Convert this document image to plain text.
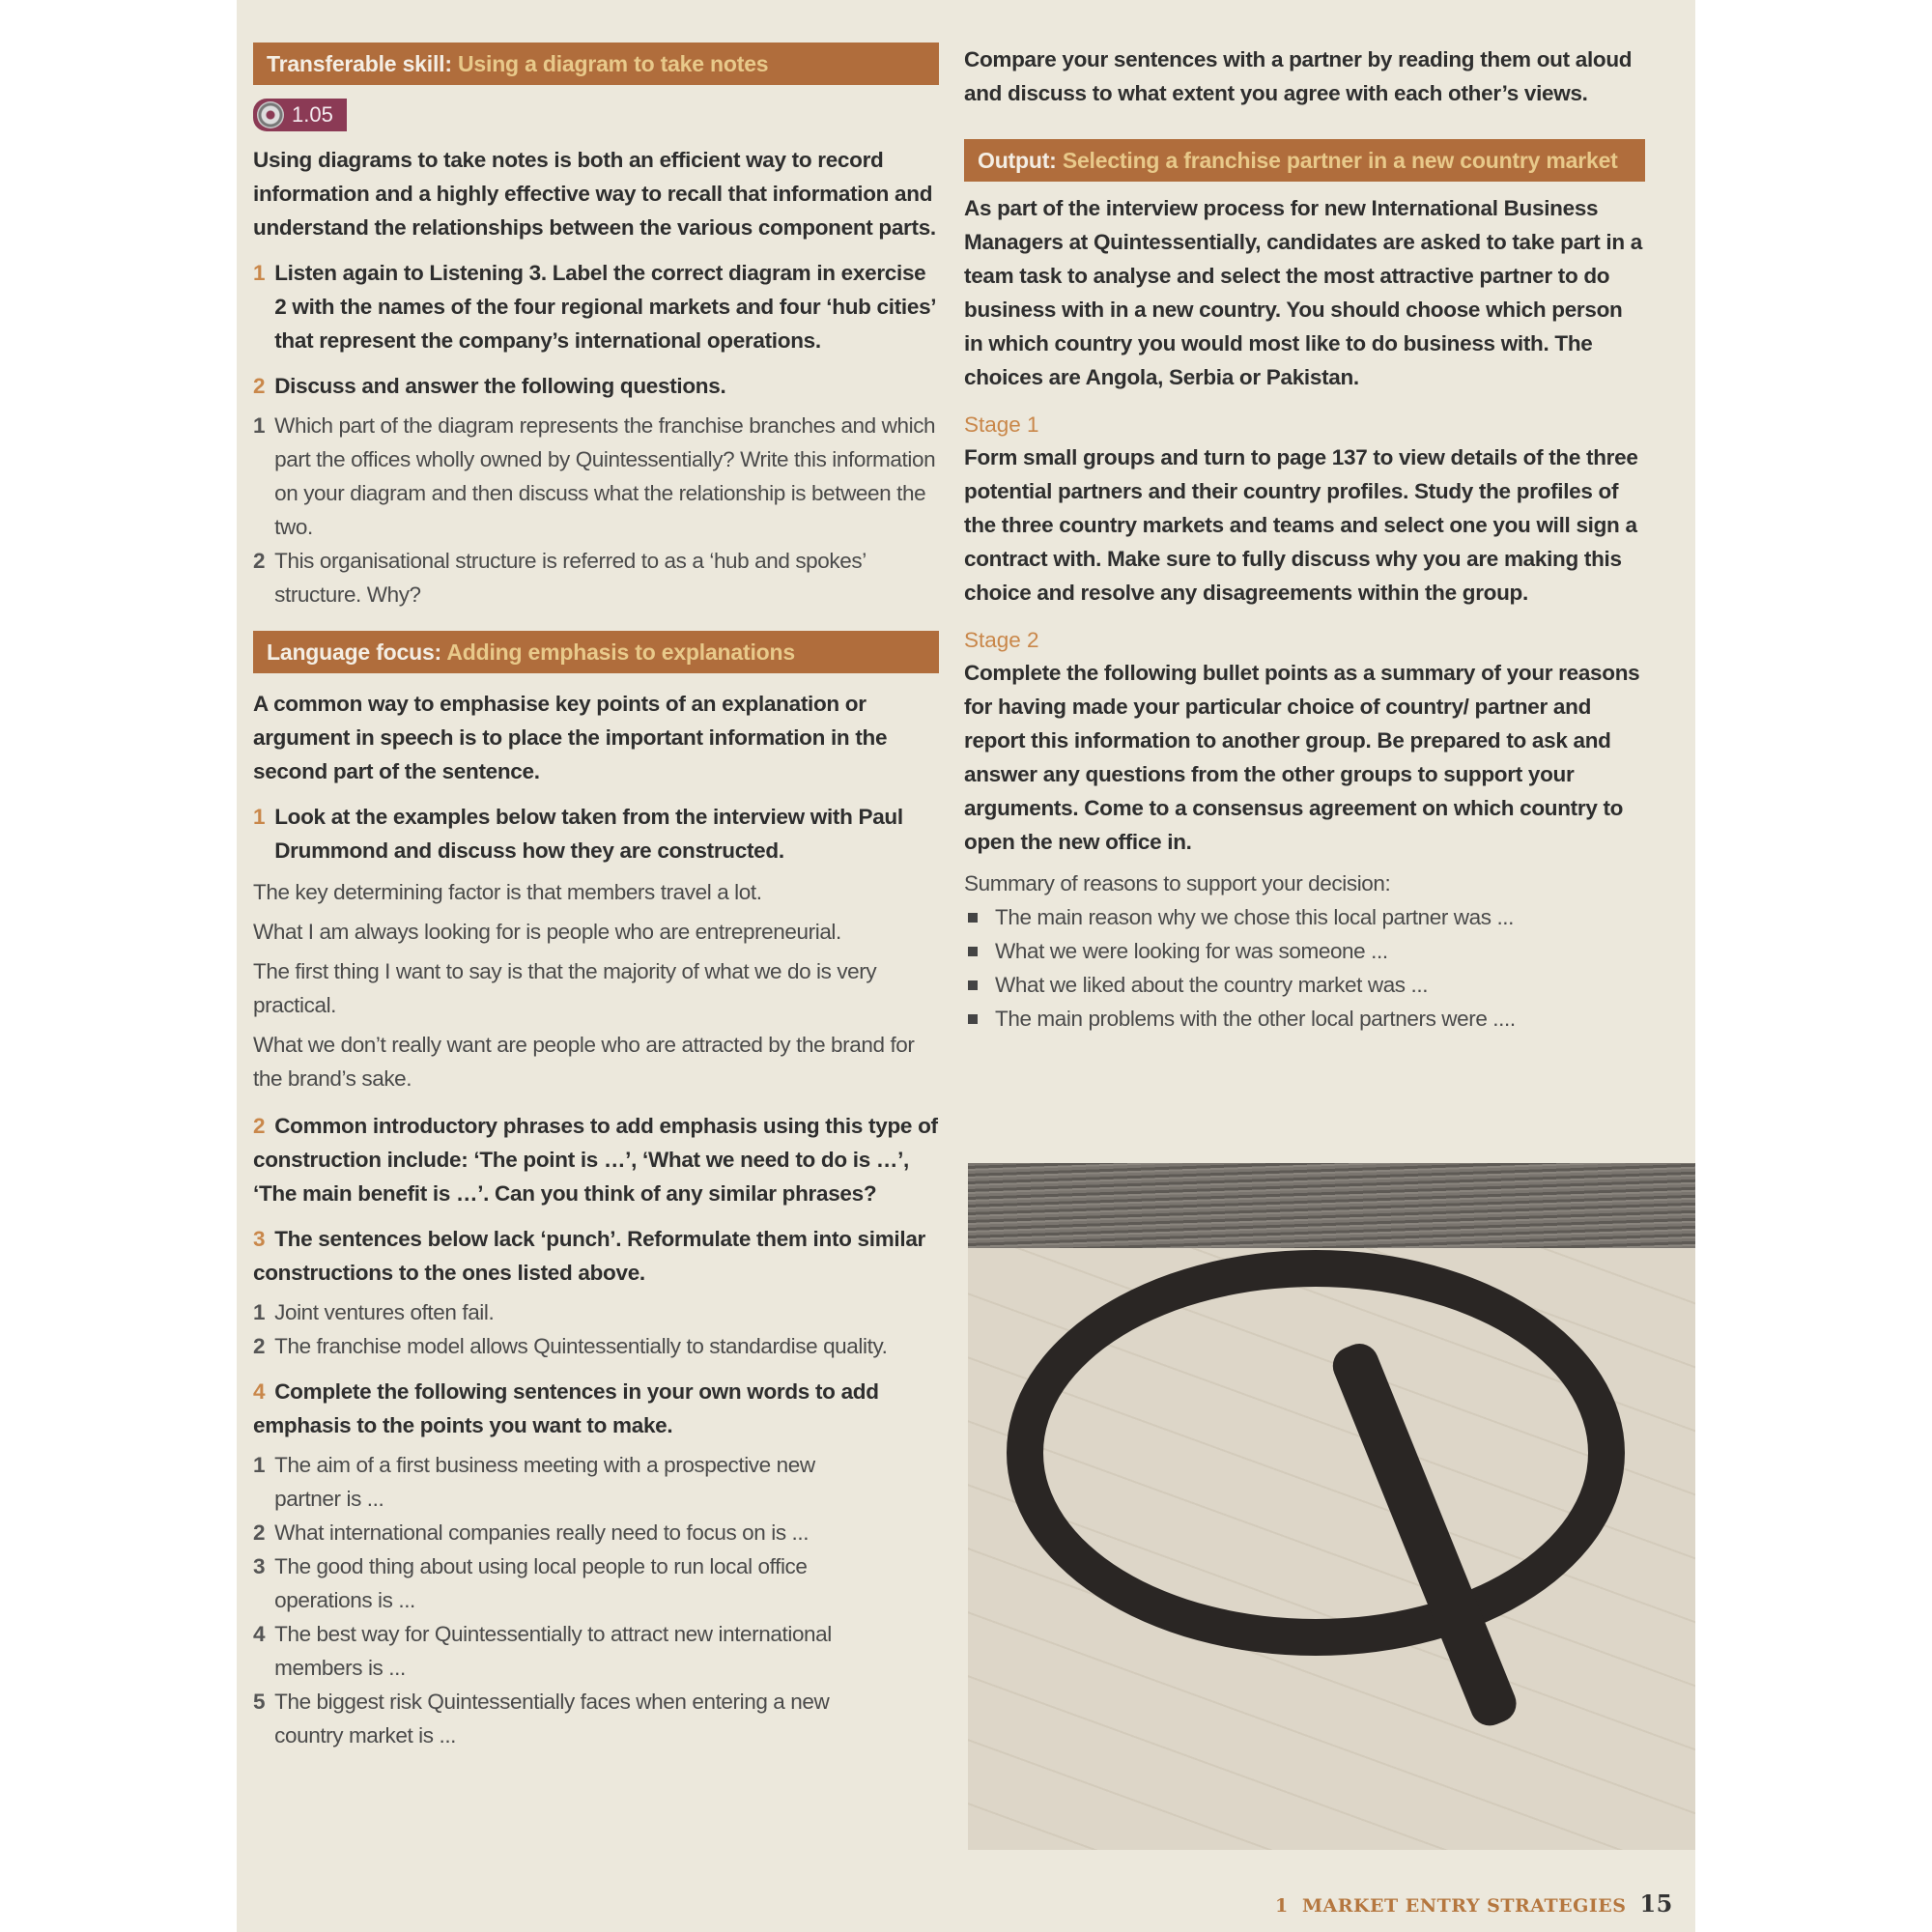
Transferable skill: Using a diagram to take notes
1.05

Using diagrams to take notes is both an efficient way to record information and a highly effective way to recall that information and understand the relationships between the various component parts.

1 Listen again to Listening 3. Label the correct diagram in exercise 2 with the names of the four regional markets and four ‘hub cities’ that represent the company’s international operations.
2 Discuss and answer the following questions.
1 Which part of the diagram represents the franchise branches and which part the offices wholly owned by Quintessentially? Write this information on your diagram and then discuss what the relationship is between the two.
2 This organisational structure is referred to as a ‘hub and spokes’ structure. Why?
Language focus: Adding emphasis to explanations

A common way to emphasise key points of an explanation or argument in speech is to place the important information in the second part of the sentence.

1 Look at the examples below taken from the interview with Paul Drummond and discuss how they are constructed.

The key determining factor is that members travel a lot.

What I am always looking for is people who are entrepreneurial.

The first thing I want to say is that the majority of what we do is very practical.

What we don’t really want are people who are attracted by the brand for the brand’s sake.

2 Common introductory phrases to add emphasis using this type of construction include: ‘The point is …’, ‘What we need to do is …’, ‘The main benefit is …’. Can you think of any similar phrases?
3 The sentences below lack ‘punch’. Reformulate them into similar constructions to the ones listed above.
1 Joint ventures often fail.
2 The franchise model allows Quintessentially to standardise quality.
4 Complete the following sentences in your own words to add emphasis to the points you want to make.
1 The aim of a first business meeting with a prospective new partner is ...
2 What international companies really need to focus on is ...
3 The good thing about using local people to run local office operations is ...
4 The best way for Quintessentially to attract new international members is ...
5 The biggest risk Quintessentially faces when entering a new country market is ...

Compare your sentences with a partner by reading them out aloud and discuss to what extent you agree with each other’s views.

Output: Selecting a franchise partner in a new country market

As part of the interview process for new International Business Managers at Quintessentially, candidates are asked to take part in a team task to analyse and select the most attractive partner to do business with in a new country. You should choose which person in which country you would most like to do business with. The choices are Angola, Serbia or Pakistan.

Stage 1

Form small groups and turn to page 137 to view details of the three potential partners and their country profiles. Study the profiles of the three country markets and teams and select one you will sign a contract with. Make sure to fully discuss why you are making this choice and resolve any disagreements within the group.

Stage 2

Complete the following bullet points as a summary of your reasons for having made your particular choice of country/ partner and report this information to another group. Be prepared to ask and answer any questions from the other groups to support your arguments. Come to a consensus agreement on which country to open the new office in.

Summary of reasons to support your decision:

The main reason why we chose this local partner was ...
What we were looking for was someone ...
What we liked about the country market was ...
The main problems with the other local partners were ....
1  MARKET ENTRY STRATEGIES 15
